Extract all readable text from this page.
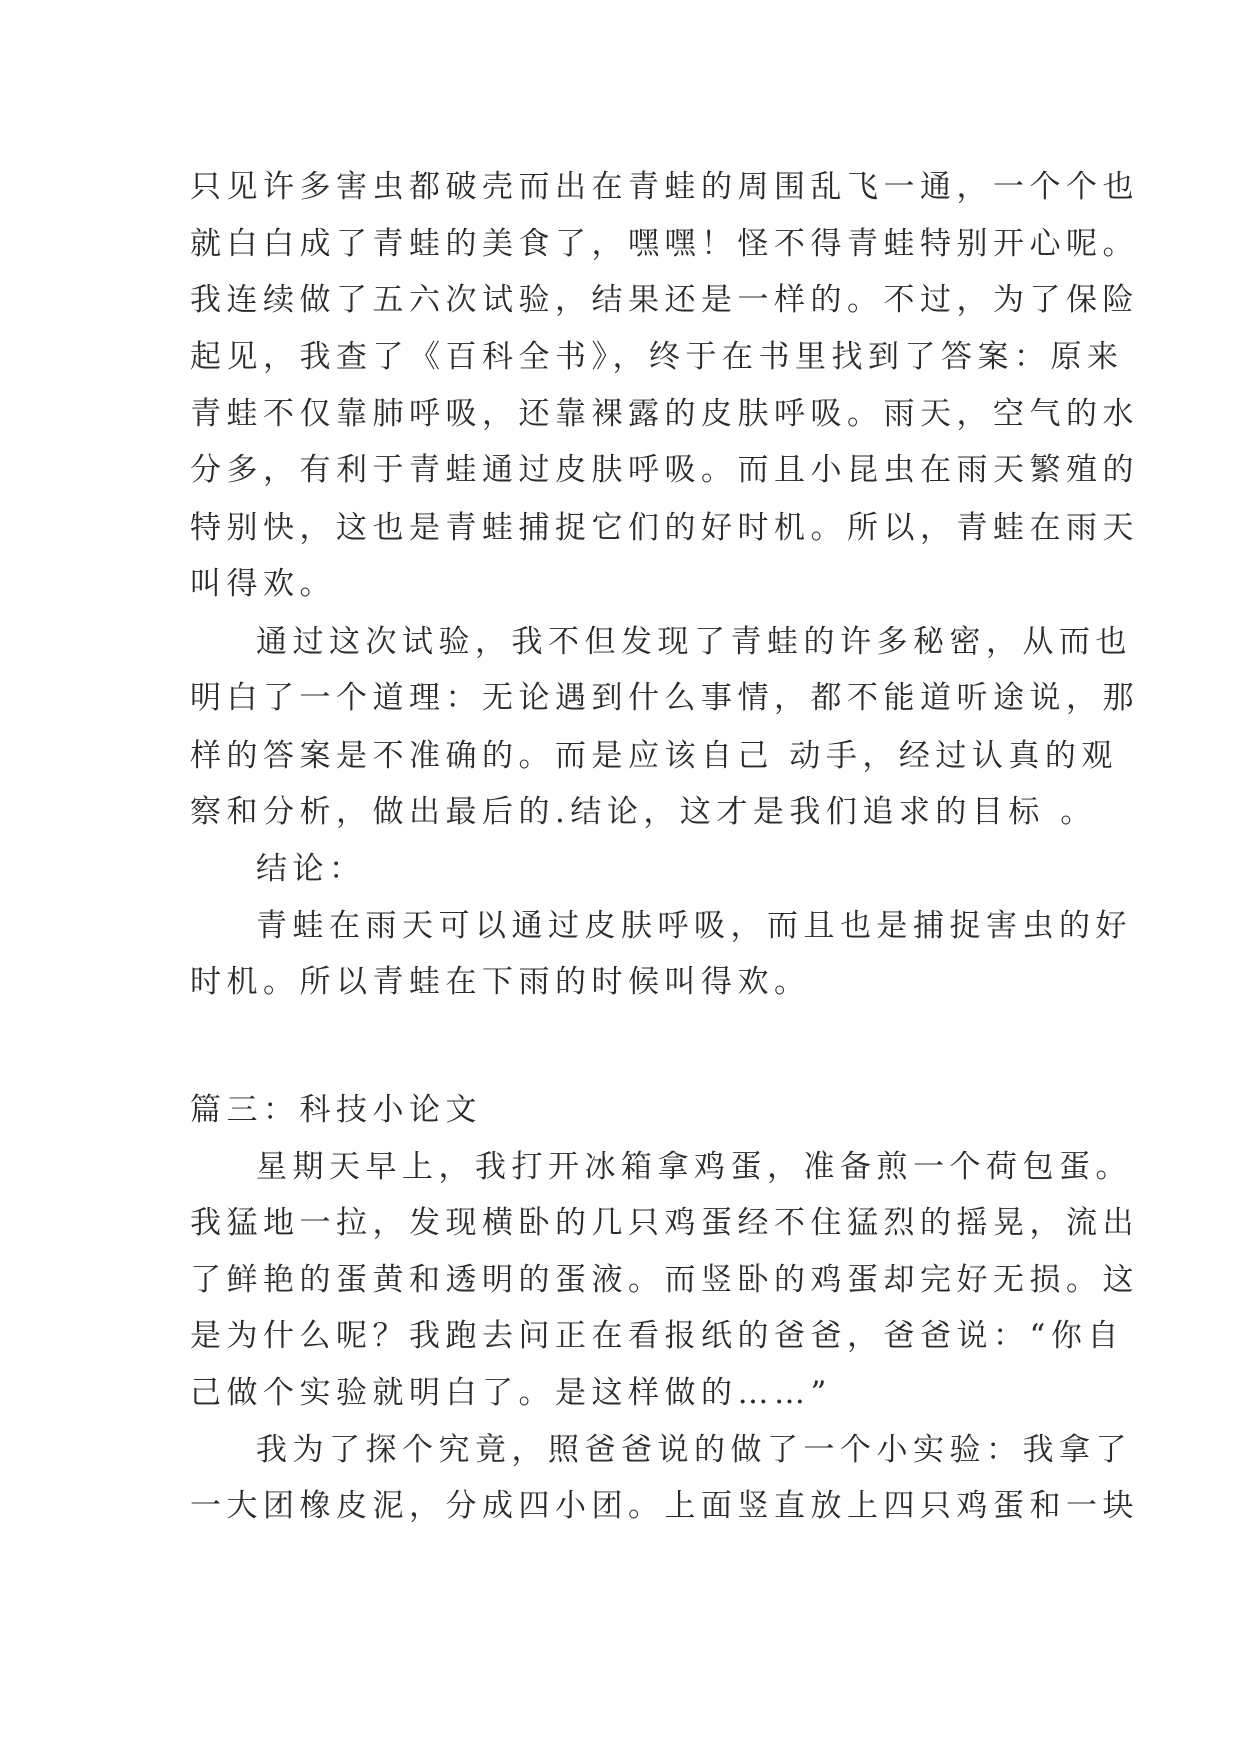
只见许多害虫都破壳而出在青蛙的周围乱飞一通，一个个也

就白白成了青蛙的美食了，嘿嘿！怪不得青蛙特别开心呢。

我连续做了五六次试验，结果还是一样的。不过，为了保险

起见，我查了《百科全书》，终于在书里找到了答案：原来

青蛙不仅靠肺呼吸，还靠裸露的皮肤呼吸。雨天，空气的水

分多，有利于青蛙通过皮肤呼吸。而且小昆虫在雨天繁殖的

特别快，这也是青蛙捕捉它们的好时机。所以，青蛙在雨天

叫得欢。

通过这次试验，我不但发现了青蛙的许多秘密，从而也

明白了一个道理：无论遇到什么事情，都不能道听途说，那

样的答案是不准确的。而是应该自己 动手，经过认真的观

察和分析，做出最后的.结论，这才是我们追求的目标 。

结论：

青蛙在雨天可以通过皮肤呼吸，而且也是捕捉害虫的好

时机。所以青蛙在下雨的时候叫得欢。

篇三：科技小论文

星期天早上，我打开冰箱拿鸡蛋，准备煎一个荷包蛋。

我猛地一拉，发现横卧的几只鸡蛋经不住猛烈的摇晃，流出

了鲜艳的蛋黄和透明的蛋液。而竖卧的鸡蛋却完好无损。这

是为什么呢？我跑去问正在看报纸的爸爸，爸爸说：“你自

己做个实验就明白了。是这样做的……”

我为了探个究竟，照爸爸说的做了一个小实验：我拿了

一大团橡皮泥，分成四小团。上面竖直放上四只鸡蛋和一块
